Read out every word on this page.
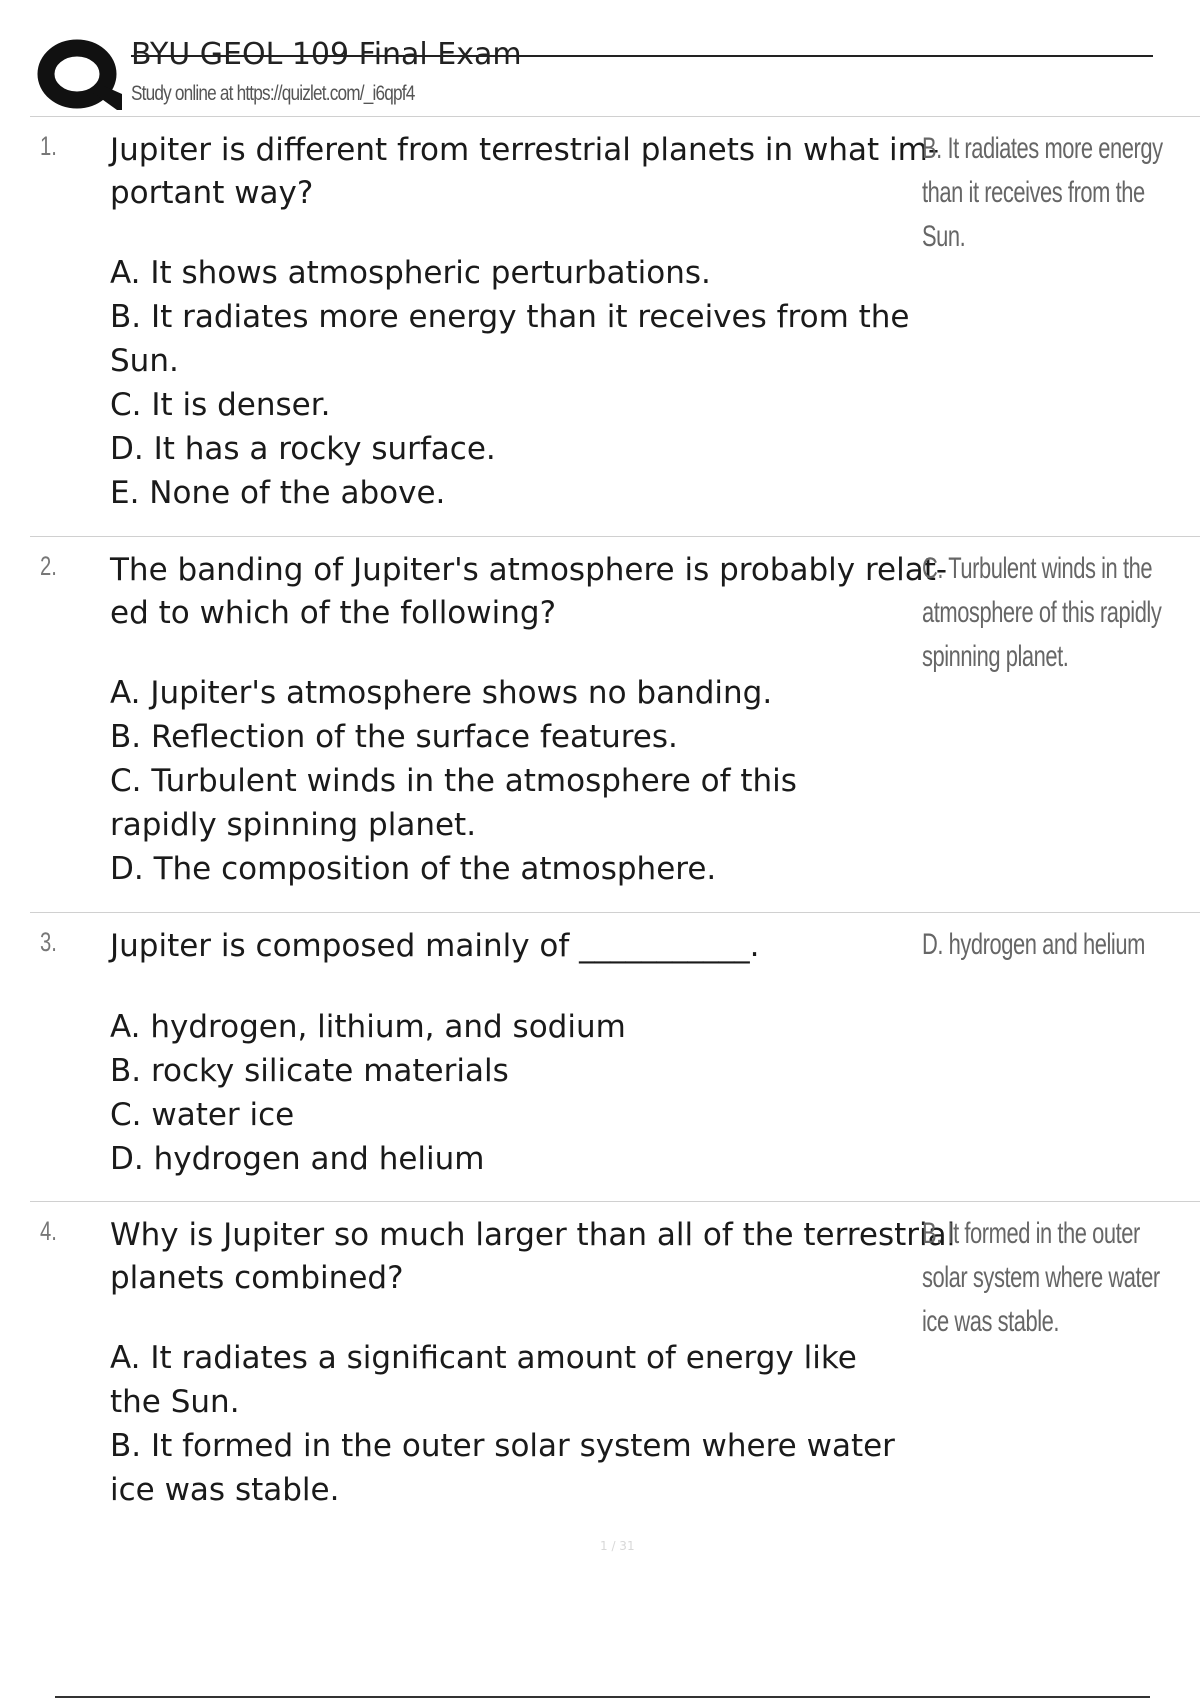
BYU GEOL 109 Final Exam
Study online at https://quizlet.com/_i6qpf4
1. Jupiter is different from terrestrial planets in what im-portant way?
A. It shows atmospheric perturbations.
B. It radiates more energy than it receives from the Sun.
C. It is denser.
D. It has a rocky surface.
E. None of the above.
B. It radiates more energy than it receives from the Sun.
2. The banding of Jupiter's atmosphere is probably relat-ed to which of the following?
A. Jupiter's atmosphere shows no banding.
B. Reflection of the surface features.
C. Turbulent winds in the atmosphere of this rapidly spinning planet.
D. The composition of the atmosphere.
C. Turbulent winds in the atmosphere of this rapidly spinning planet.
3. Jupiter is composed mainly of ___________.
A. hydrogen, lithium, and sodium
B. rocky silicate materials
C. water ice
D. hydrogen and helium
D. hydrogen and helium
4. Why is Jupiter so much larger than all of the terrestrial planets combined?
A. It radiates a significant amount of energy like the Sun.
B. It formed in the outer solar system where water ice was stable.
B. It formed in the outer solar system where water ice was stable.
1 / 31
